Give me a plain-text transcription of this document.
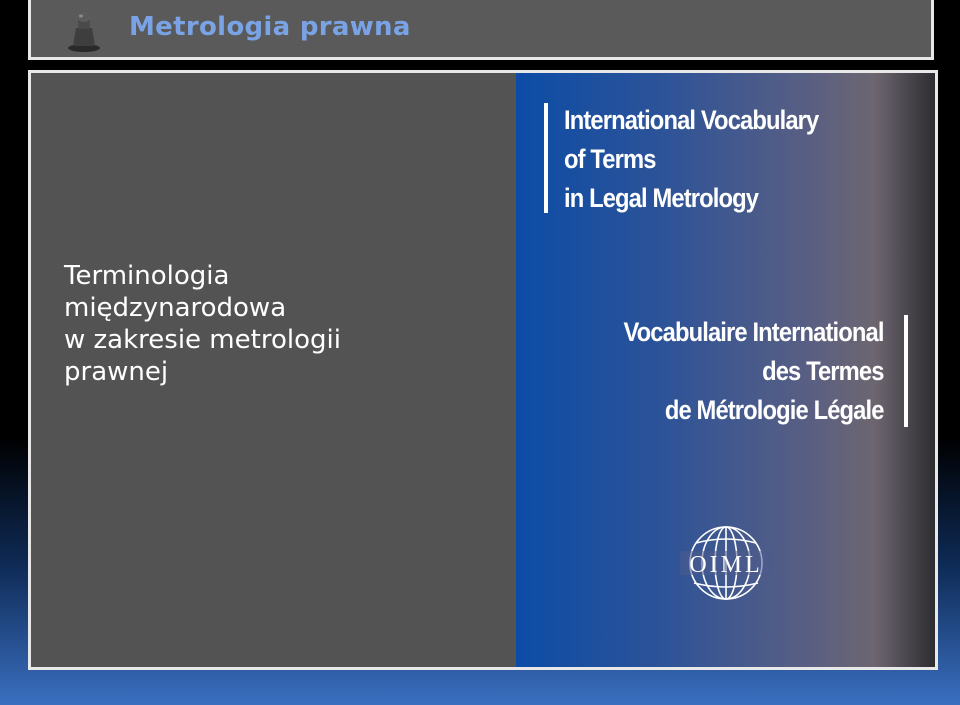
Metrologia prawna
Terminologia
międzynarodowa
w zakresie metrologii
prawnej
International Vocabulary
of Terms
in Legal Metrology
Vocabulaire International
des Termes
de Métrologie Légale
OIML
